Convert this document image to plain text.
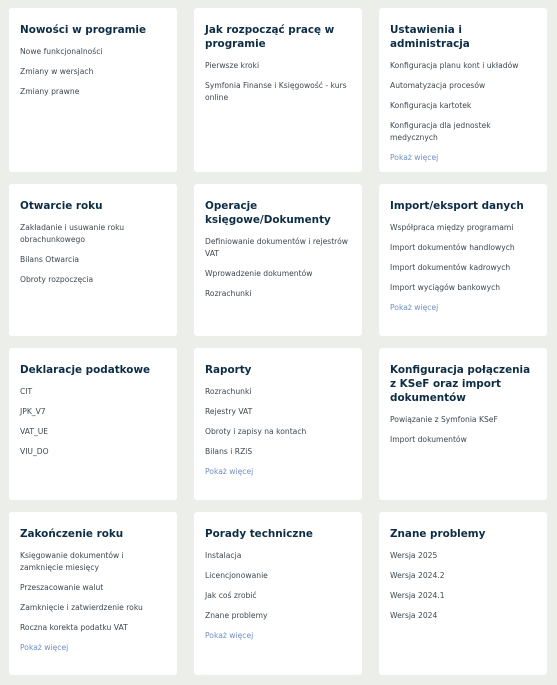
Nowości w programie
Nowe funkcjonalności
Zmiany w wersjach
Zmiany prawne
Jak rozpocząć pracę w programie
Pierwsze kroki
Symfonia Finanse i Księgowość - kurs online
Ustawienia i administracja
Konfiguracja planu kont i układów
Automatyzacja procesów
Konfiguracja kartotek
Konfiguracja dla jednostek medycznych
Pokaż więcej
Otwarcie roku
Zakładanie i usuwanie roku obrachunkowego
Bilans Otwarcia
Obroty rozpoczęcia
Operacje księgowe/Dokumenty
Definiowanie dokumentów i rejestrów VAT
Wprowadzenie dokumentów
Rozrachunki
Import/eksport danych
Współpraca między programami
Import dokumentów handlowych
Import dokumentów kadrowych
Import wyciągów bankowych
Pokaż więcej
Deklaracje podatkowe
CIT
JPK_V7
VAT_UE
VIU_DO
Raporty
Rozrachunki
Rejestry VAT
Obroty i zapisy na kontach
Bilans i RZiS
Pokaż więcej
Konfiguracja połączenia z KSeF oraz import dokumentów
Powiązanie z Symfonia KSeF
Import dokumentów
Zakończenie roku
Księgowanie dokumentów i zamknięcie miesięcy
Przeszacowanie walut
Zamknięcie i zatwierdzenie roku
Roczna korekta podatku VAT
Pokaż więcej
Porady techniczne
Instalacja
Licencjonowanie
Jak coś zrobić
Znane problemy
Pokaż więcej
Znane problemy
Wersja 2025
Wersja 2024.2
Wersja 2024.1
Wersja 2024
